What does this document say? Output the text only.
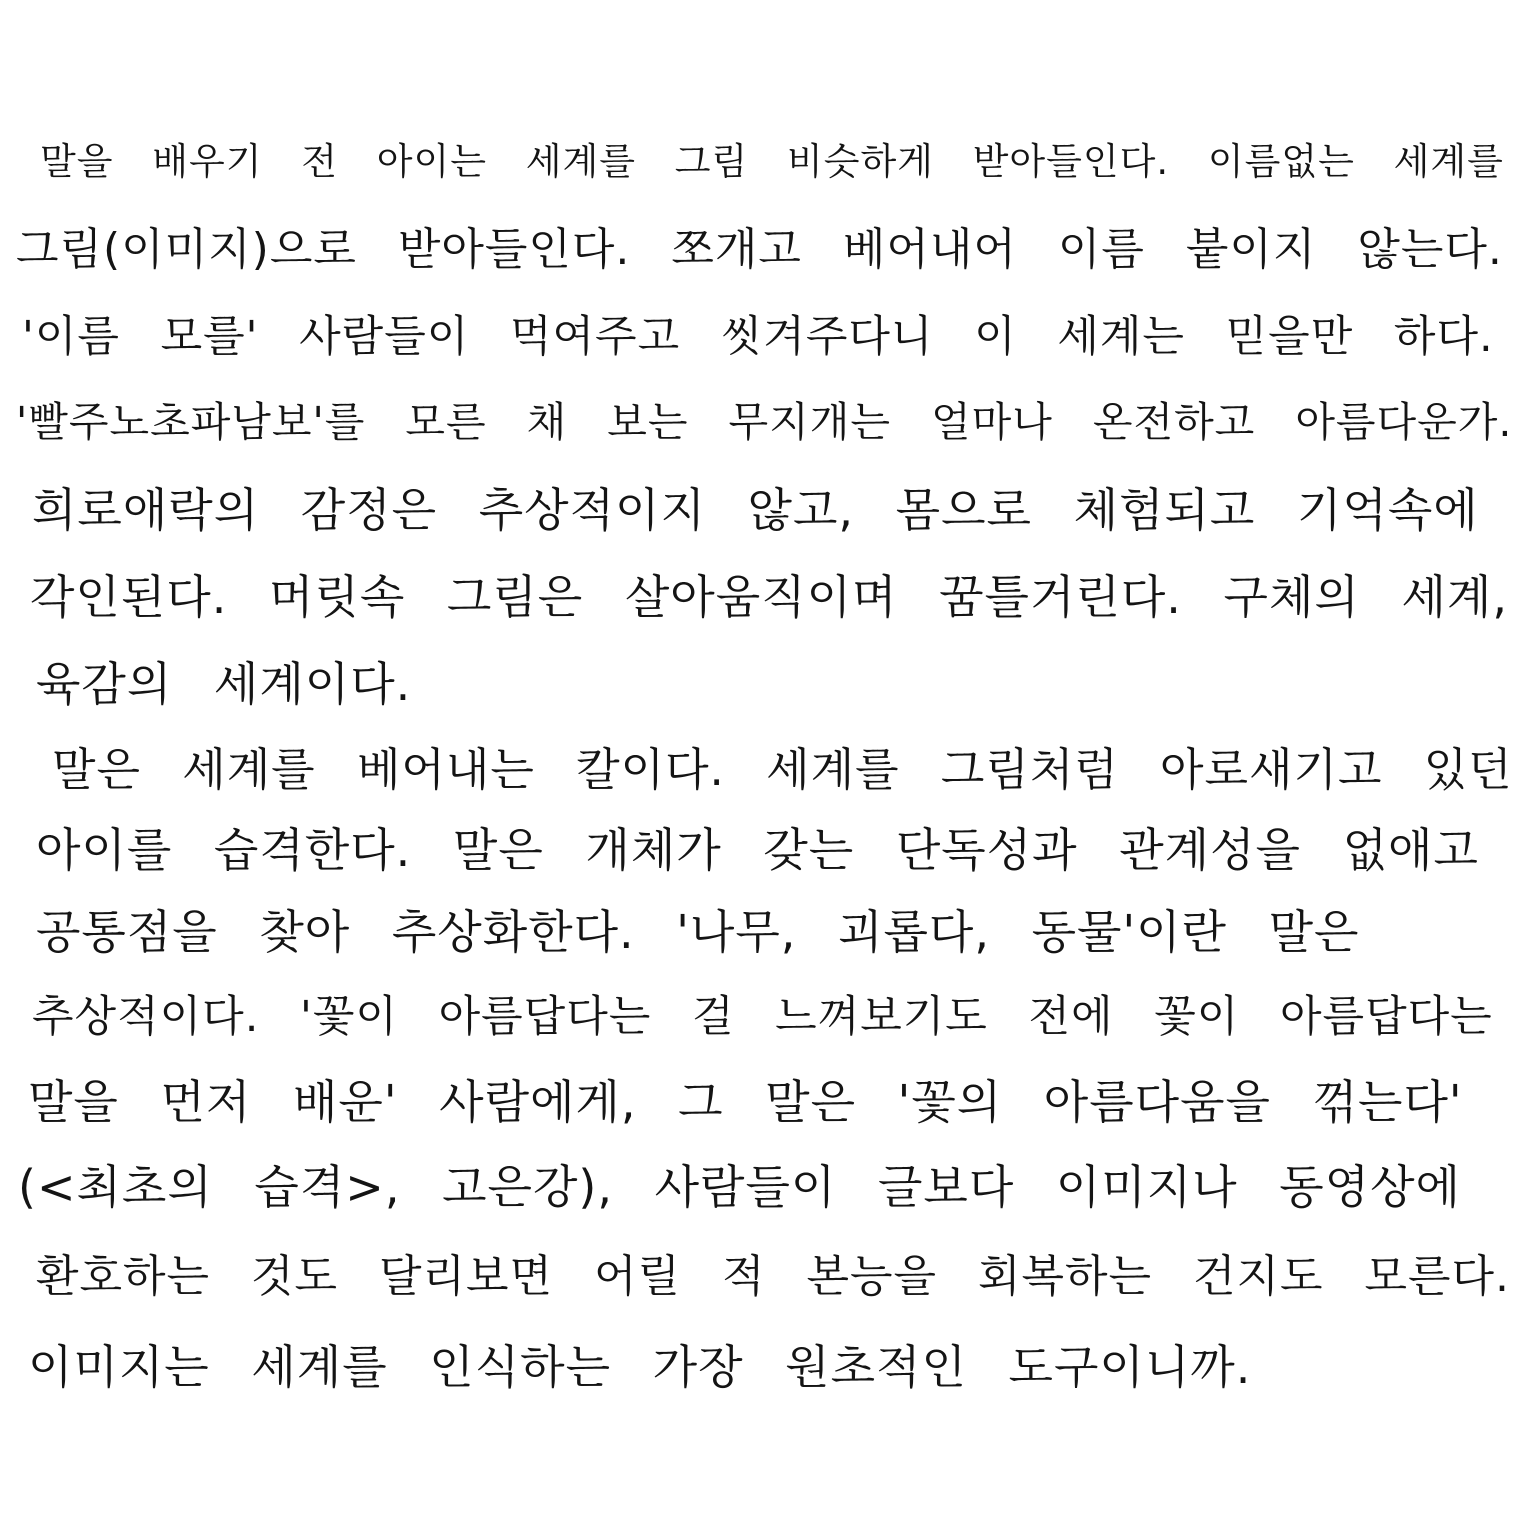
말을 배우기 전 아이는 세계를 그림 비슷하게 받아들인다. 이름없는 세계를

그림(이미지)으로 받아들인다. 쪼개고 베어내어 이름 붙이지 않는다.

'이름 모를' 사람들이 먹여주고 씻겨주다니 이 세계는 믿을만 하다.

'빨주노초파남보'를 모른 채 보는 무지개는 얼마나 온전하고 아름다운가.

희로애락의 감정은 추상적이지 않고, 몸으로 체험되고 기억속에

각인된다. 머릿속 그림은 살아움직이며 꿈틀거린다. 구체의 세계,

육감의 세계이다.

말은 세계를 베어내는 칼이다. 세계를 그림처럼 아로새기고 있던

아이를 습격한다. 말은 개체가 갖는 단독성과 관계성을 없애고

공통점을 찾아 추상화한다. '나무, 괴롭다, 동물'이란 말은

추상적이다. '꽃이 아름답다는 걸 느껴보기도 전에 꽃이 아름답다는

말을 먼저 배운' 사람에게, 그 말은 '꽃의 아름다움을 꺾는다'

(<최초의 습격>, 고은강), 사람들이 글보다 이미지나 동영상에

환호하는 것도 달리보면 어릴 적 본능을 회복하는 건지도 모른다.

이미지는 세계를 인식하는 가장 원초적인 도구이니까.
